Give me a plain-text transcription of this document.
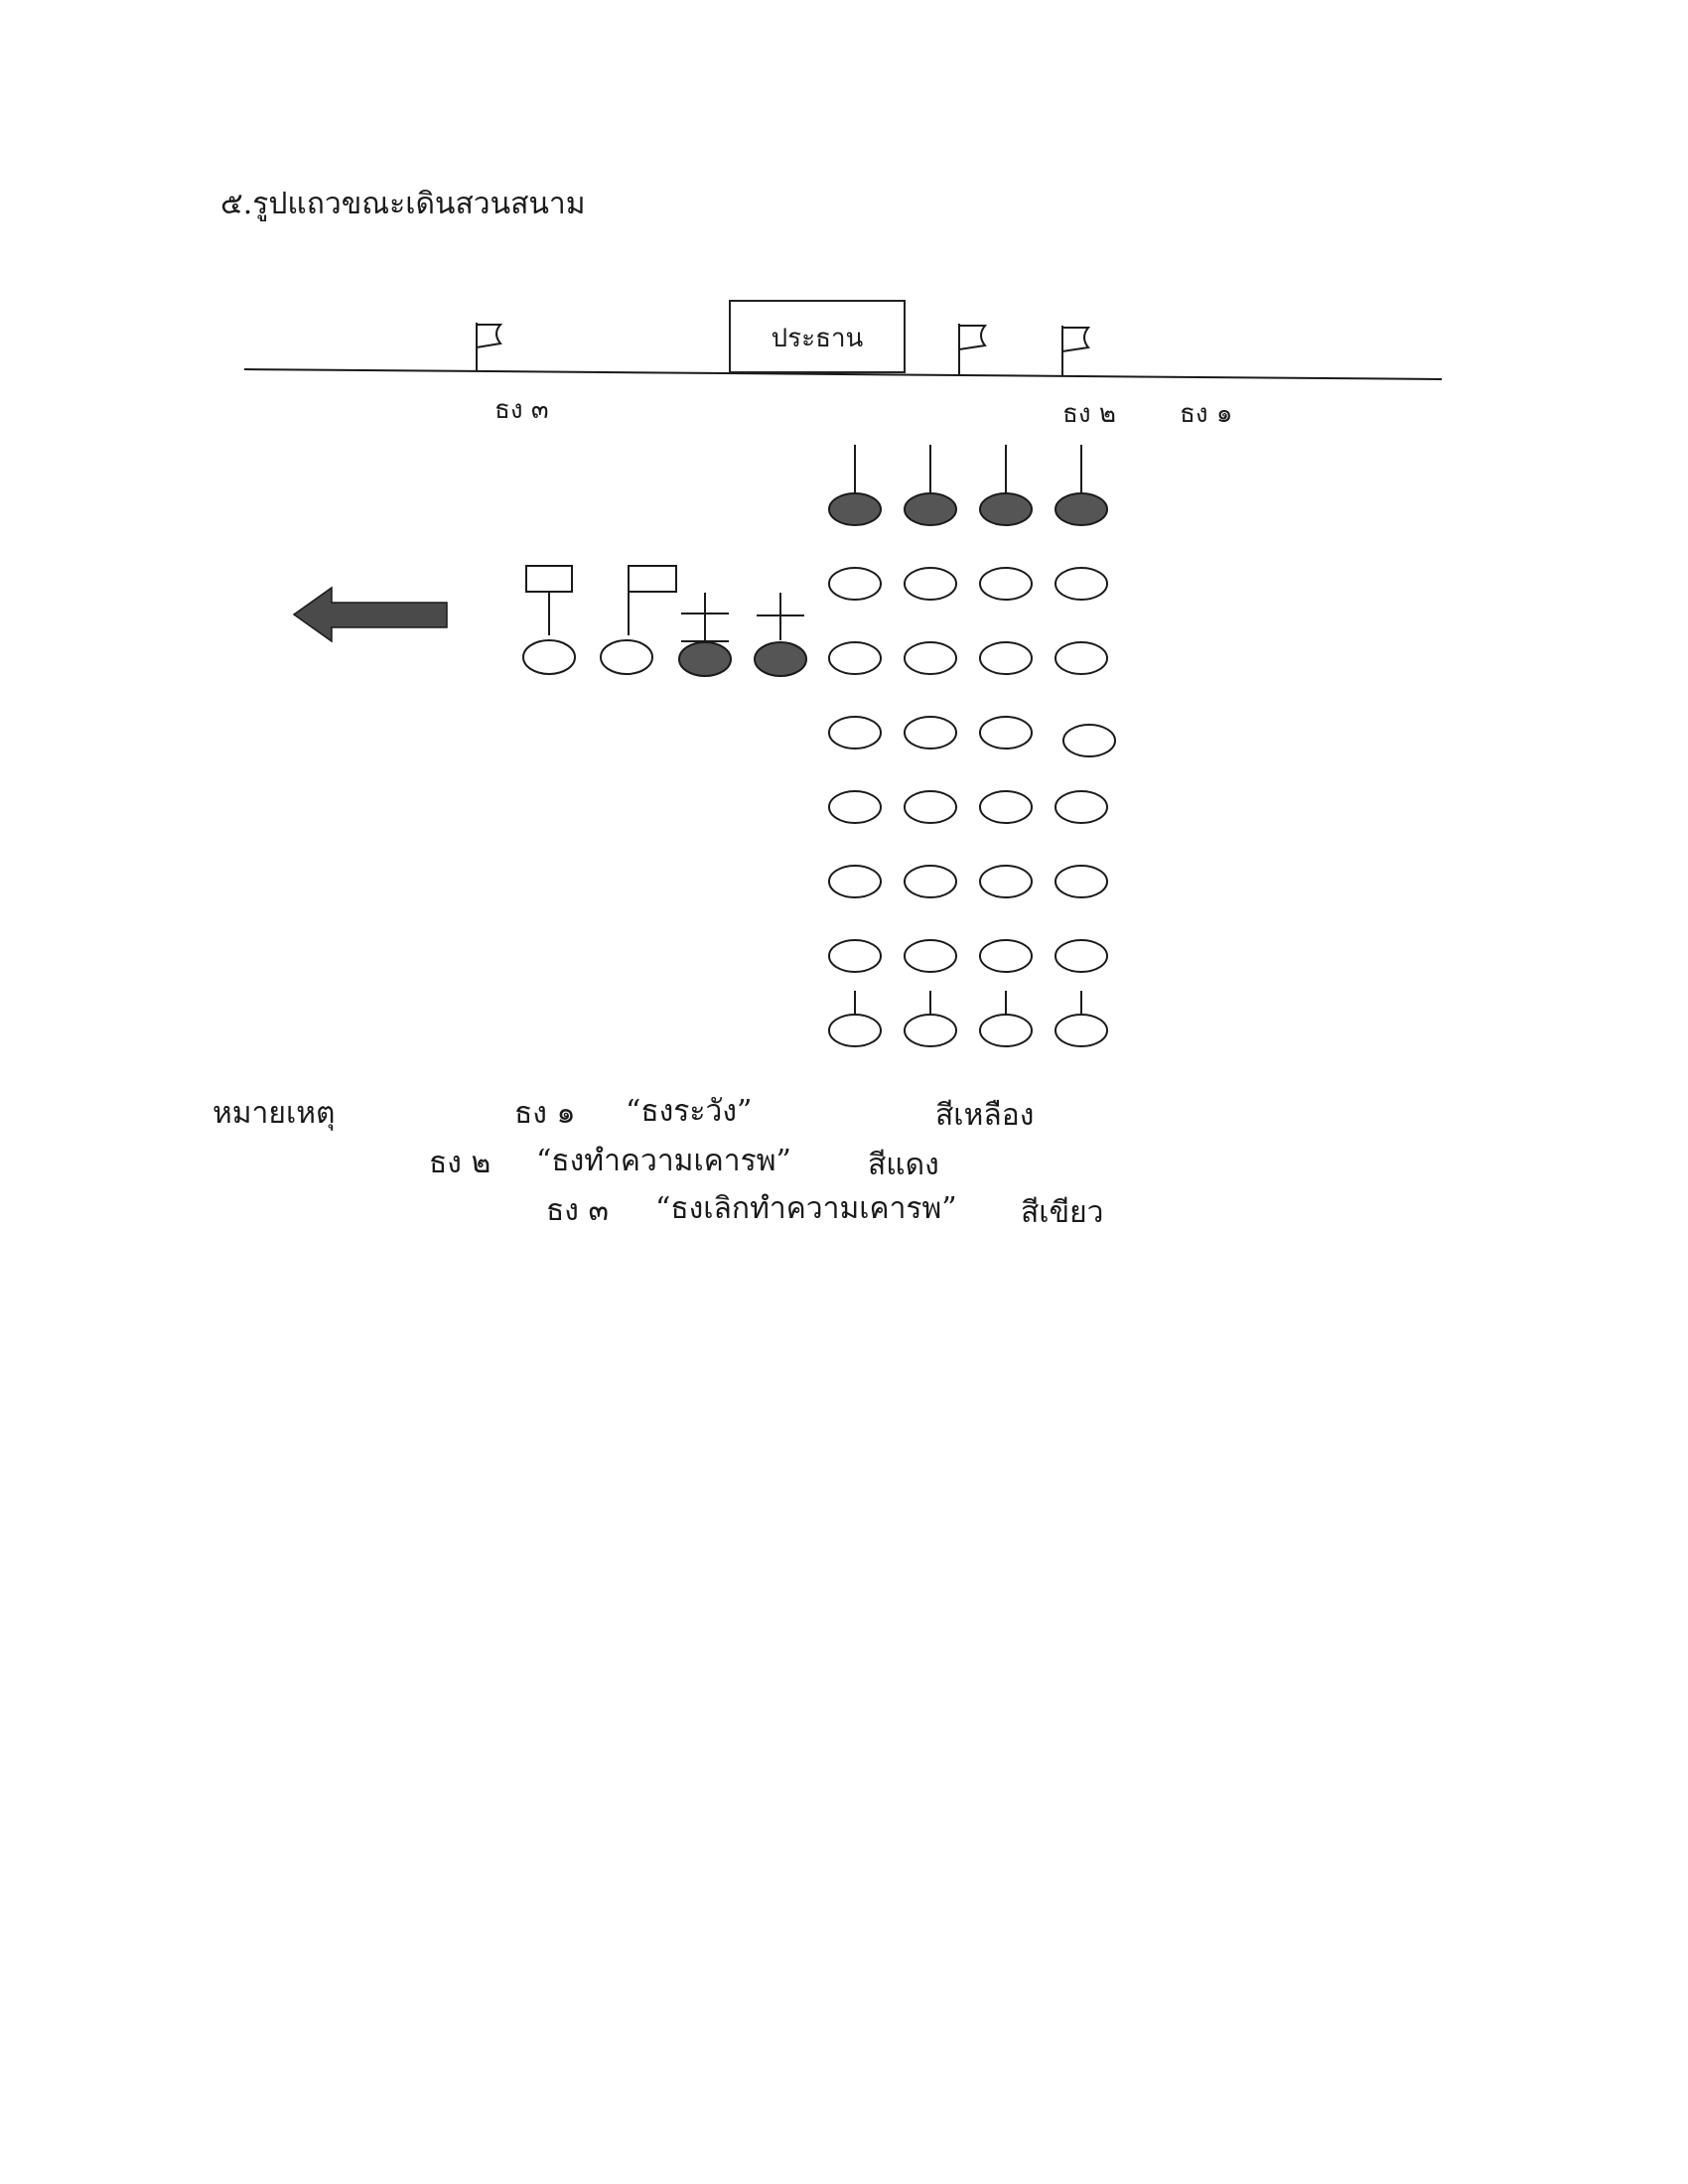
๕.รูปแถวขณะเดินสวนสนาม
ประธาน
ธง ๓	ธง ๒ ธง ๑
หมายเหตุ	ธง ๑ “ธงระวัง”	สีเหลือง
ธง ๒ “ธงทำความเคารพ”	สีแดง
ธง ๓ “ธงเลิกทำความเคารพ” สีเขียว
